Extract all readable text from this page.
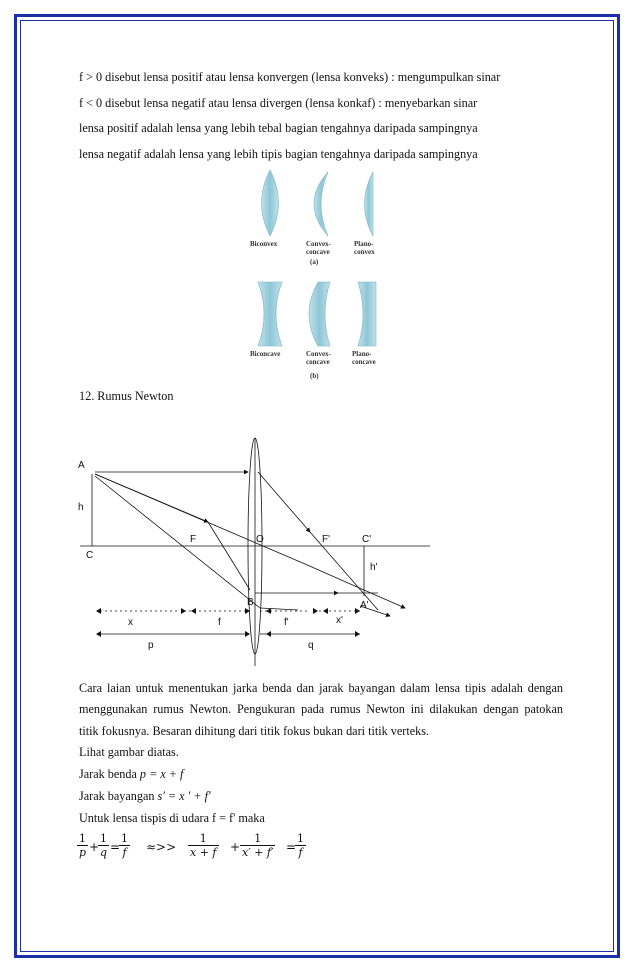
f > 0 disebut lensa positif atau lensa konvergen (lensa konveks) : mengumpulkan sinar
f < 0 disebut lensa negatif atau lensa divergen (lensa konkaf) : menyebarkan sinar
lensa positif adalah lensa yang lebih tebal bagian tengahnya daripada sampingnya
lensa negatif adalah lensa yang lebih tipis bagian tengahnya daripada sampingnya
Biconvex	Convex-
concave
Plano-
convex
(a)
Biconcave	Convex-
concave
Plano-
concave
(b)
12. Rumus Newton
A
h
C
F	O	F'	C'
h'
B	A'
x	f	f'	x'
p	q
Cara laian untuk menentukan jarka benda dan jarak bayangan dalam lensa tipis adalah dengan
menggunakan rumus Newton. Pengukuran pada rumus Newton ini dilakukan dengan patokan
titik fokusnya. Besaran dihitung dari titik fokus bukan dari titik verteks.
Lihat gambar diatas.
Jarak benda p = x + f
Jarak bayangan s' = x ' + f'
Untuk lensa tispis di udara f = f' maka
$\frac{1}{p}$ +
$\frac{1}{q}$ =
$\frac{1}{f}$ ≈>> $\frac{1}{x + f} + \frac{1}{x' + f'}$ =
$\frac{1}{f}$
